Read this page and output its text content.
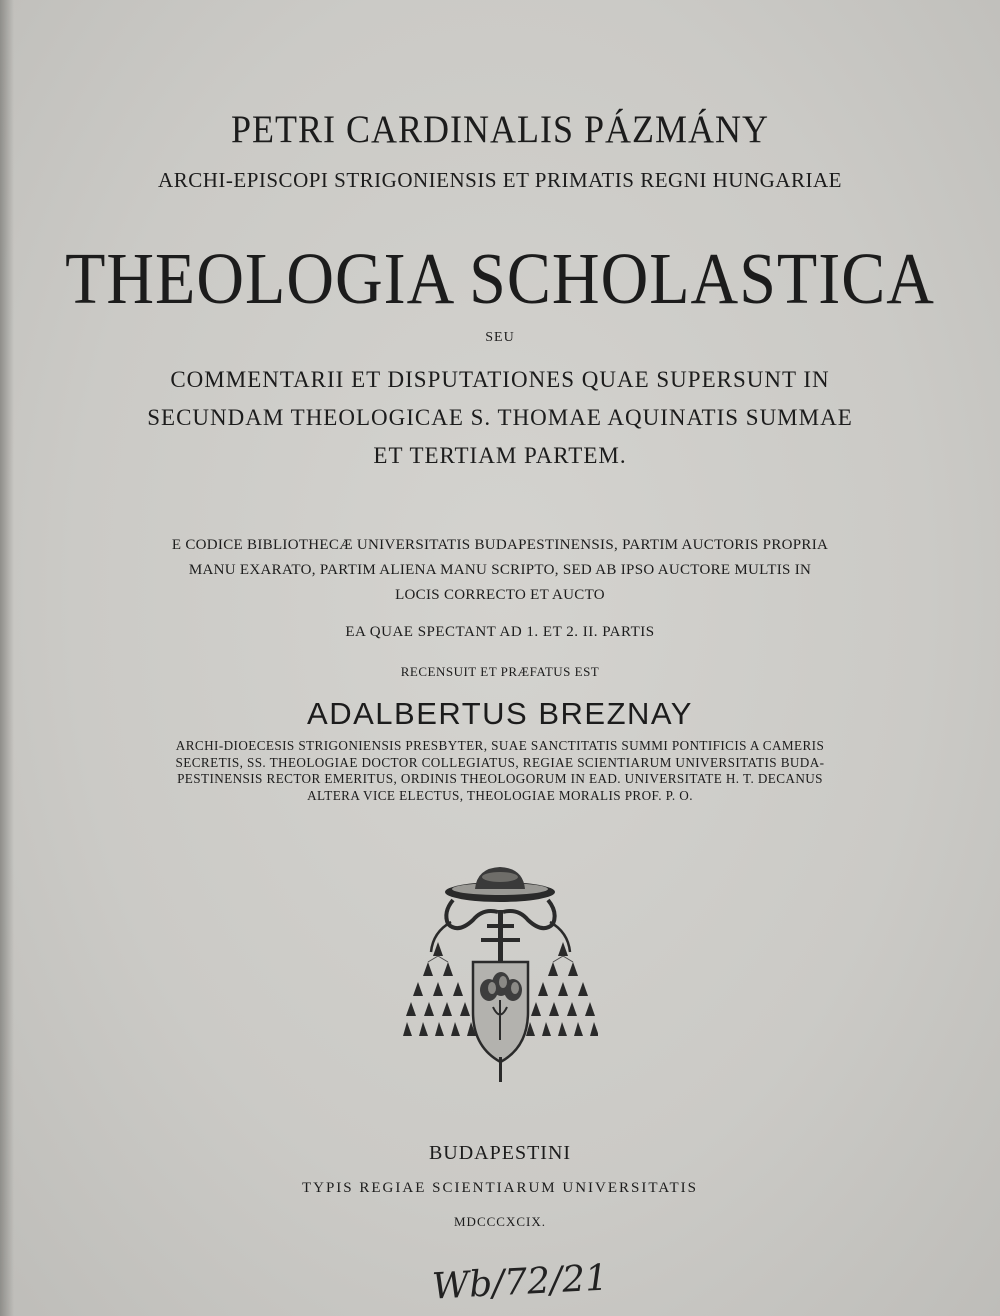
PETRI CARDINALIS PÁZMÁNY
ARCHI-EPISCOPI STRIGONIENSIS ET PRIMATIS REGNI HUNGARIAE
THEOLOGIA SCHOLASTICA
SEU
COMMENTARII ET DISPUTATIONES QUAE SUPERSUNT IN
SECUNDAM THEOLOGICAE S. THOMAE AQUINATIS SUMMAE
ET TERTIAM PARTEM.
E CODICE BIBLIOTHECÆ UNIVERSITATIS BUDAPESTINENSIS, PARTIM AUCTORIS PROPRIA
MANU EXARATO, PARTIM ALIENA MANU SCRIPTO, SED AB IPSO AUCTORE MULTIS IN
LOCIS CORRECTO ET AUCTO
EA QUAE SPECTANT AD 1. ET 2. II. PARTIS
RECENSUIT ET PRÆFATUS EST
ADALBERTUS BREZNAY
ARCHI-DIOECESIS STRIGONIENSIS PRESBYTER, SUAE SANCTITATIS SUMMI PONTIFICIS A CAMERIS
SECRETIS, SS. THEOLOGIAE DOCTOR COLLEGIATUS, REGIAE SCIENTIARUM UNIVERSITATIS BUDA-
PESTINENSIS RECTOR EMERITUS, ORDINIS THEOLOGORUM IN EAD. UNIVERSITATE H. T. DECANUS
ALTERA VICE ELECTUS, THEOLOGIAE MORALIS PROF. P. O.
BUDAPESTINI
TYPIS REGIAE SCIENTIARUM UNIVERSITATIS
MDCCCXCIX.
Wb/72/21
